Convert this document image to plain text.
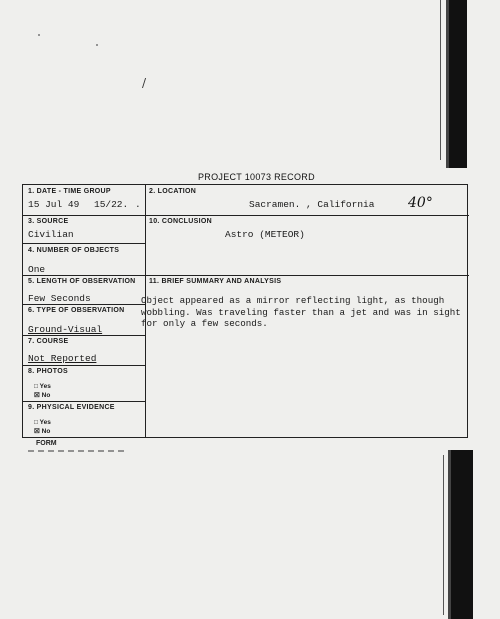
/
PROJECT 10073 RECORD
1. DATE - TIME GROUP
15 Jul 49 15/22. .
2. LOCATION
Sacramen. , California 40°
3. SOURCE
Civilian
10. CONCLUSION
Astro (METEOR)
4. NUMBER OF OBJECTS
One
5. LENGTH OF OBSERVATION
Few Seconds
11. BRIEF SUMMARY AND ANALYSIS
Object appeared as a mirror reflecting light, as though
wobbling. Was traveling faster than a jet and was in sight
for only a few seconds.
6. TYPE OF OBSERVATION
Ground-Visual
7. COURSE
Not Reported
8. PHOTOS
□ Yes
☒ No
9. PHYSICAL EVIDENCE
□ Yes
☒ No
FORM
